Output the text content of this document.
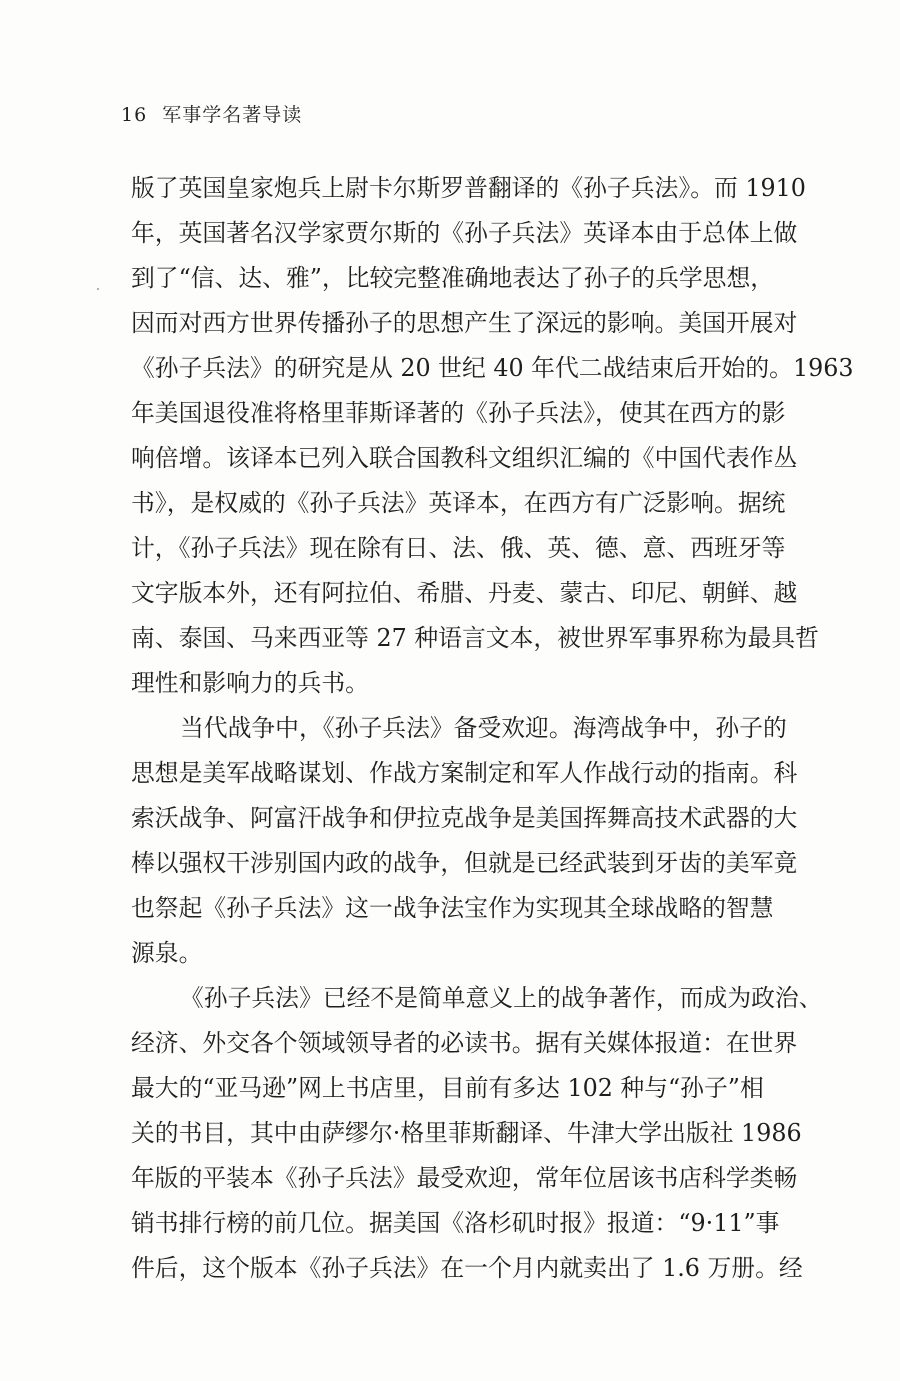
16 军事学名著导读
版了英国皇家炮兵上尉卡尔斯罗普翻译的《孙子兵法》。而 1910
年，英国著名汉学家贾尔斯的《孙子兵法》英译本由于总体上做
到了“信、达、雅”，比较完整准确地表达了孙子的兵学思想，
因而对西方世界传播孙子的思想产生了深远的影响。美国开展对
《孙子兵法》的研究是从 20 世纪 40 年代二战结束后开始的。1963
年美国退役准将格里菲斯译著的《孙子兵法》，使其在西方的影
响倍增。该译本已列入联合国教科文组织汇编的《中国代表作丛
书》，是权威的《孙子兵法》英译本，在西方有广泛影响。据统
计，《孙子兵法》现在除有日、法、俄、英、德、意、西班牙等
文字版本外，还有阿拉伯、希腊、丹麦、蒙古、印尼、朝鲜、越
南、泰国、马来西亚等 27 种语言文本，被世界军事界称为最具哲
理性和影响力的兵书。
当代战争中，《孙子兵法》备受欢迎。海湾战争中，孙子的
思想是美军战略谋划、作战方案制定和军人作战行动的指南。科
索沃战争、阿富汗战争和伊拉克战争是美国挥舞高技术武器的大
棒以强权干涉别国内政的战争，但就是已经武装到牙齿的美军竟
也祭起《孙子兵法》这一战争法宝作为实现其全球战略的智慧
源泉。
《孙子兵法》已经不是简单意义上的战争著作，而成为政治、
经济、外交各个领域领导者的必读书。据有关媒体报道：在世界
最大的“亚马逊”网上书店里，目前有多达 102 种与“孙子”相
关的书目，其中由萨缪尔·格里菲斯翻译、牛津大学出版社 1986
年版的平装本《孙子兵法》最受欢迎，常年位居该书店科学类畅
销书排行榜的前几位。据美国《洛杉矶时报》报道：“9·11”事
件后，这个版本《孙子兵法》在一个月内就卖出了 1.6 万册。经
